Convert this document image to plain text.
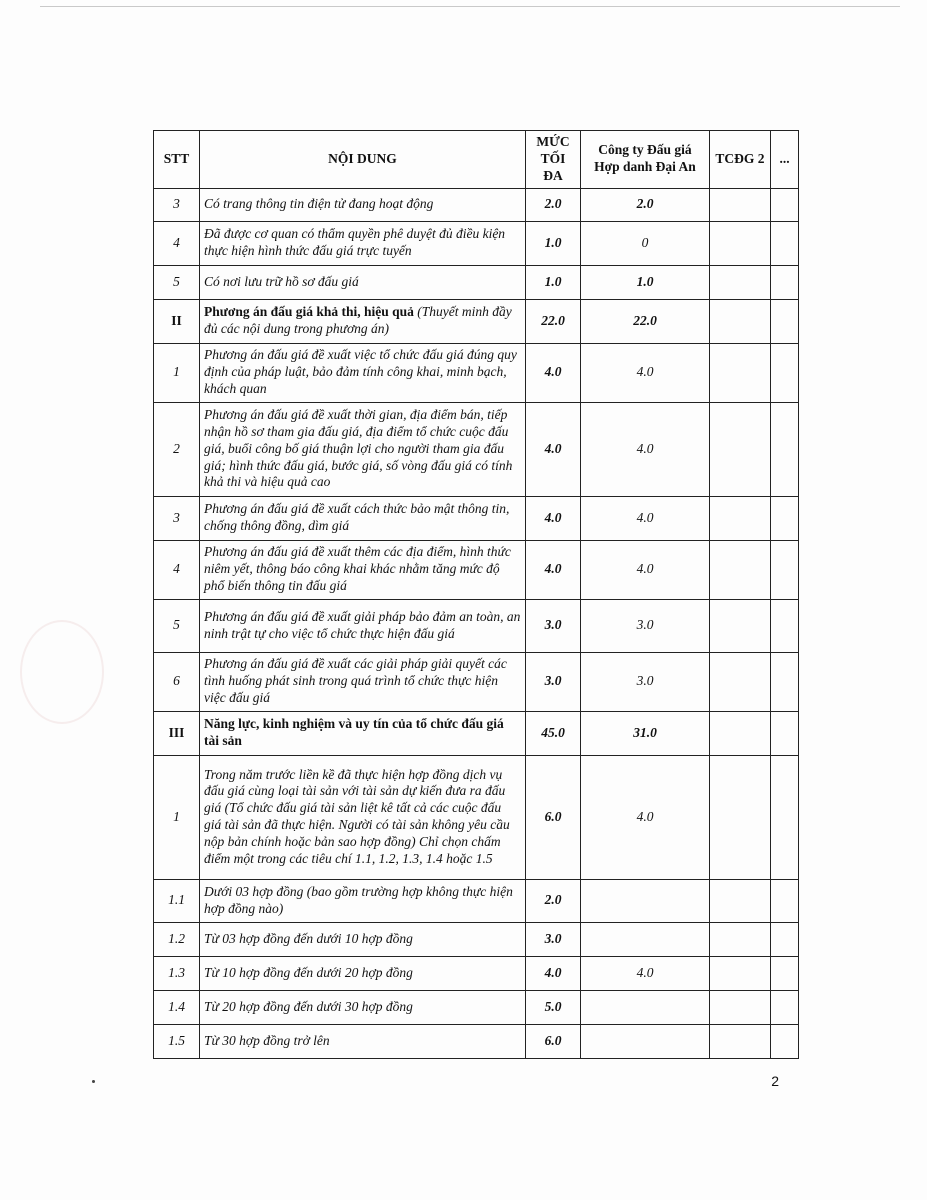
STT	NỘI DUNG	MỨC TỐI ĐA	Công ty Đấu giá Hợp danh Đại An	TCĐG 2	...
3	Có trang thông tin điện tử đang hoạt động	2.0	2.0		
4	Đã được cơ quan có thẩm quyền phê duyệt đủ điều kiện thực hiện hình thức đấu giá trực tuyến	1.0	0		
5	Có nơi lưu trữ hồ sơ đấu giá	1.0	1.0		
II	Phương án đấu giá khả thi, hiệu quả (Thuyết minh đầy đủ các nội dung trong phương án)	22.0	22.0		
1	Phương án đấu giá đề xuất việc tổ chức đấu giá đúng quy định của pháp luật, bảo đảm tính công khai, minh bạch, khách quan	4.0	4.0		
2	Phương án đấu giá đề xuất thời gian, địa điểm bán, tiếp nhận hồ sơ tham gia đấu giá, địa điểm tổ chức cuộc đấu giá, buổi công bố giá thuận lợi cho người tham gia đấu giá; hình thức đấu giá, bước giá, số vòng đấu giá có tính khả thi và hiệu quả cao	4.0	4.0		
3	Phương án đấu giá đề xuất cách thức bảo mật thông tin, chống thông đồng, dìm giá	4.0	4.0		
4	Phương án đấu giá đề xuất thêm các địa điểm, hình thức niêm yết, thông báo công khai khác nhằm tăng mức độ phổ biến thông tin đấu giá	4.0	4.0		
5	Phương án đấu giá đề xuất giải pháp bảo đảm an toàn, an ninh trật tự cho việc tổ chức thực hiện đấu giá	3.0	3.0		
6	Phương án đấu giá đề xuất các giải pháp giải quyết các tình huống phát sinh trong quá trình tổ chức thực hiện việc đấu giá	3.0	3.0		
III	Năng lực, kinh nghiệm và uy tín của tổ chức đấu giá tài sản	45.0	31.0		
1	Trong năm trước liền kề đã thực hiện hợp đồng dịch vụ đấu giá cùng loại tài sản với tài sản dự kiến đưa ra đấu giá (Tổ chức đấu giá tài sản liệt kê tất cả các cuộc đấu giá tài sản đã thực hiện. Người có tài sản không yêu cầu nộp bản chính hoặc bản sao hợp đồng) Chỉ chọn chấm điểm một trong các tiêu chí 1.1, 1.2, 1.3, 1.4 hoặc 1.5	6.0	4.0		
1.1	Dưới 03 hợp đồng (bao gồm trường hợp không thực hiện hợp đồng nào)	2.0			
1.2	Từ 03 hợp đồng đến dưới 10 hợp đồng	3.0			
1.3	Từ 10 hợp đồng đến dưới 20 hợp đồng	4.0	4.0		
1.4	Từ 20 hợp đồng đến dưới 30 hợp đồng	5.0			
1.5	Từ 30 hợp đồng trở lên	6.0			
2
